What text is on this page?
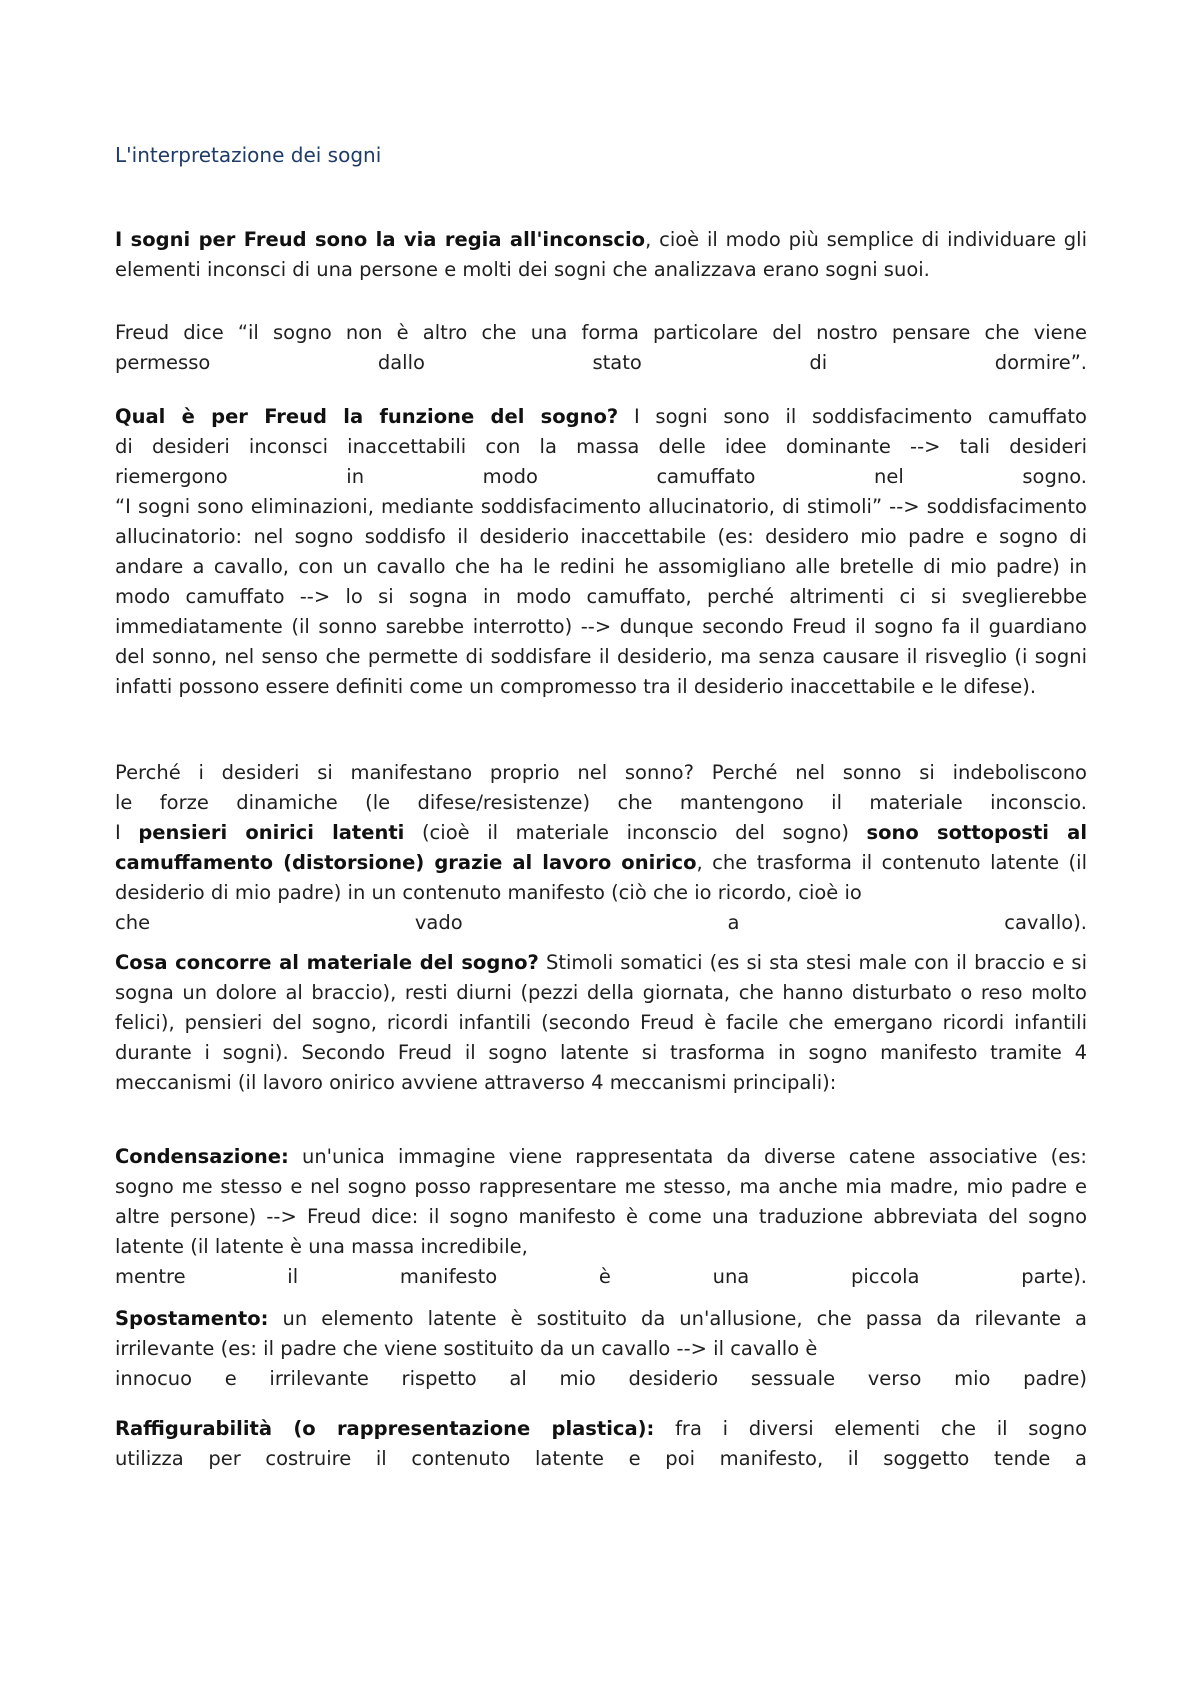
L'interpretazione dei sogni

I sogni per Freud sono la via regia all'inconscio, cioè il modo più semplice di individuare gli elementi inconsci di una persone e molti dei sogni che analizzava erano sogni suoi.

Freud dice “il sogno non è altro che una forma particolare del nostro pensare che viene
permesso dallo stato di dormire”.

Qual è per Freud la funzione del sogno? I sogni sono il soddisfacimento camuffato
di desideri inconsci inaccettabili con la massa delle idee dominante --> tali desideri
riemergono in modo camuffato nel sogno.
“I sogni sono eliminazioni, mediante soddisfacimento allucinatorio, di stimoli” --> soddisfacimento allucinatorio: nel sogno soddisfo il desiderio inaccettabile (es: desidero mio padre e sogno di andare a cavallo, con un cavallo che ha le redini he assomigliano alle bretelle di mio padre) in modo camuffato --> lo si sogna in modo camuffato, perché altrimenti ci si sveglierebbe immediatamente (il sonno sarebbe interrotto) --> dunque secondo Freud il sogno fa il guardiano del sonno, nel senso che permette di soddisfare il desiderio, ma senza causare il risveglio (i sogni infatti possono essere definiti come un compromesso tra il desiderio inaccettabile e le difese).

Perché i desideri si manifestano proprio nel sonno? Perché nel sonno si indeboliscono
le forze dinamiche (le difese/resistenze) che mantengono il materiale inconscio.
I pensieri onirici latenti (cioè il materiale inconscio del sogno) sono sottoposti al camuffamento (distorsione) grazie al lavoro onirico, che trasforma il contenuto latente (il desiderio di mio padre) in un contenuto manifesto (ciò che io ricordo, cioè io
che vado a cavallo).

Cosa concorre al materiale del sogno? Stimoli somatici (es si sta stesi male con il braccio e si sogna un dolore al braccio), resti diurni (pezzi della giornata, che hanno disturbato o reso molto felici), pensieri del sogno, ricordi infantili (secondo Freud è facile che emergano ricordi infantili durante i sogni). Secondo Freud il sogno latente si trasforma in sogno manifesto tramite 4 meccanismi (il lavoro onirico avviene attraverso 4 meccanismi principali):

Condensazione: un'unica immagine viene rappresentata da diverse catene associative (es: sogno me stesso e nel sogno posso rappresentare me stesso, ma anche mia madre, mio padre e altre persone) --> Freud dice: il sogno manifesto è come una traduzione abbreviata del sogno latente (il latente è una massa incredibile,
mentre il manifesto è una piccola parte).

Spostamento: un elemento latente è sostituito da un'allusione, che passa da rilevante a irrilevante (es: il padre che viene sostituito da un cavallo --> il cavallo è
innocuo e irrilevante rispetto al mio desiderio sessuale verso mio padre)

Raffigurabilità (o rappresentazione plastica): fra i diversi elementi che il sogno
utilizza per costruire il contenuto latente e poi manifesto, il soggetto tende a
